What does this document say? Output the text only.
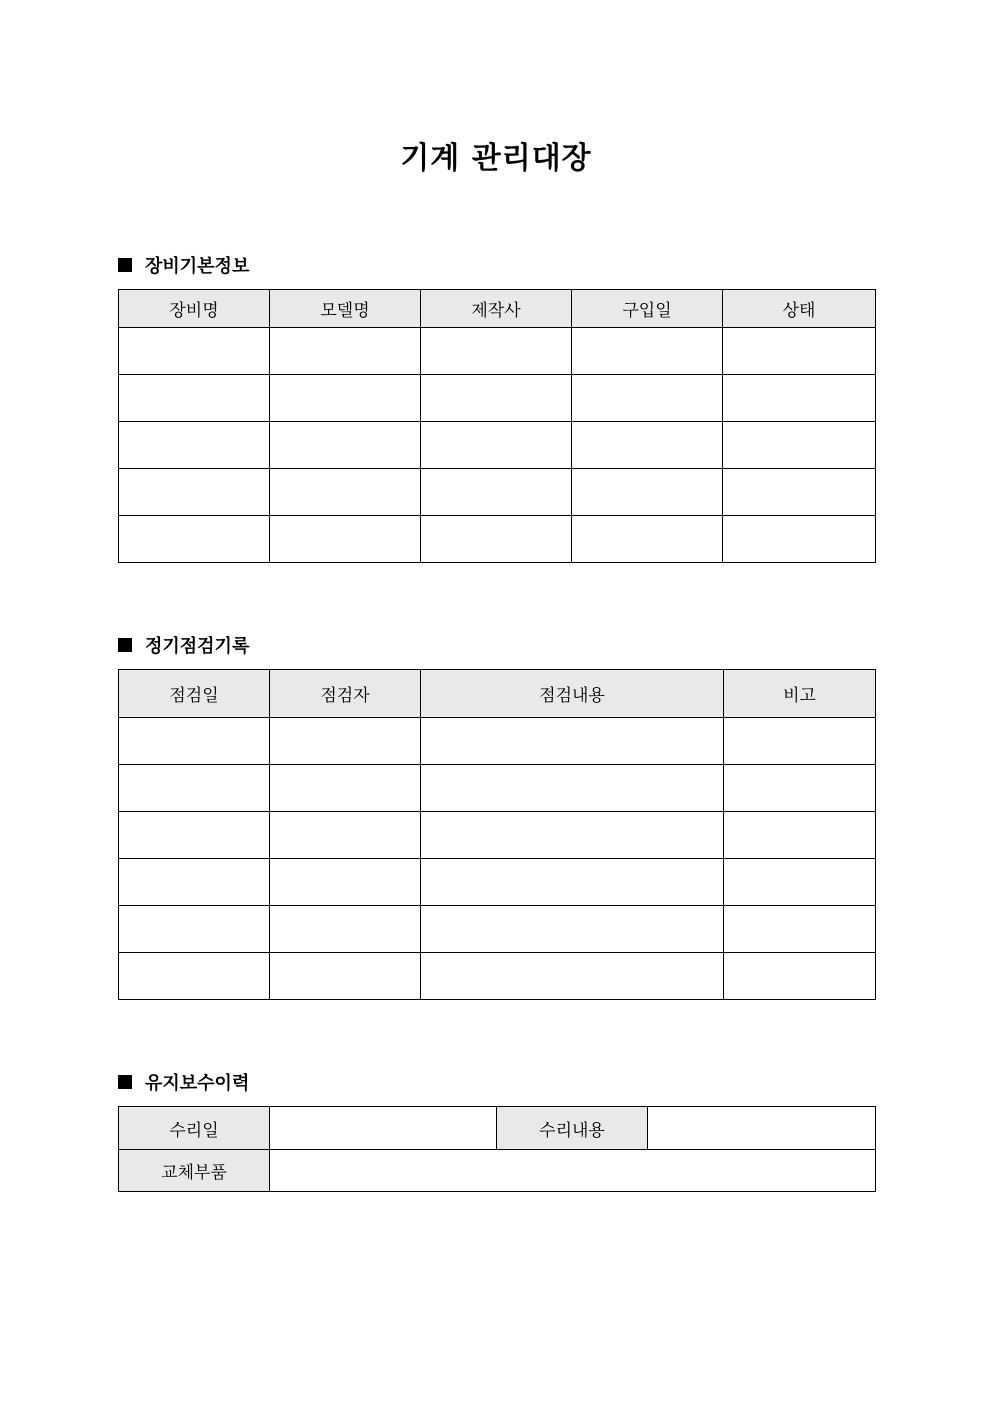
기계 관리대장
장비기본정보
장비명	모델명	제작사	구입일	상태

정기점검기록
점검일	점검자	점검내용	비고

유지보수이력
수리일		수리내용	
교체부품			
